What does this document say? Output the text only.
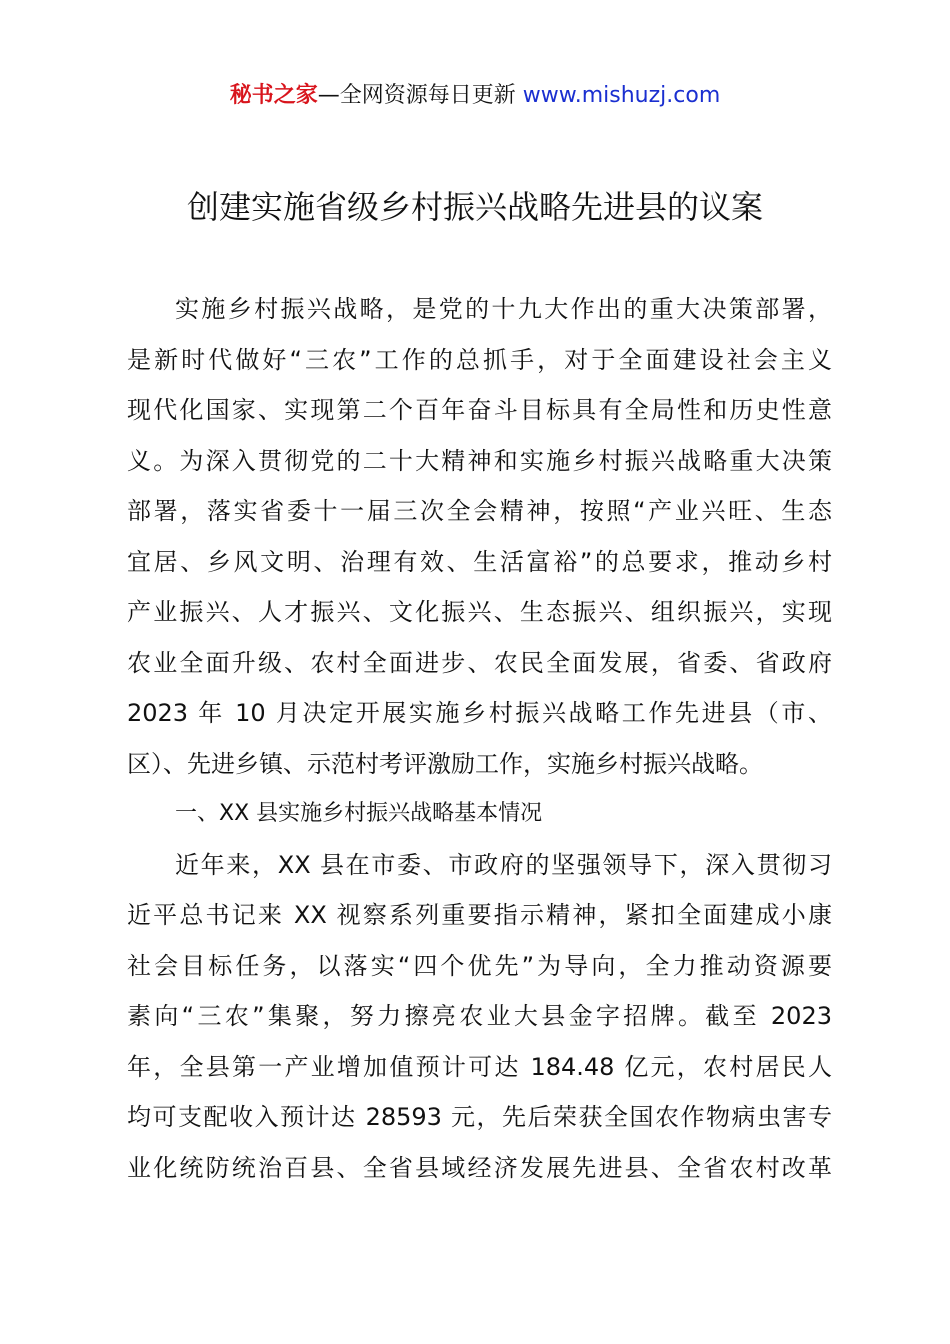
秘书之家—全网资源每日更新 www.mishuzj.com
创建实施省级乡村振兴战略先进县的议案
实施乡村振兴战略，是党的十九大作出的重大决策部署，
是新时代做好“三农”工作的总抓手，对于全面建设社会主义
现代化国家、实现第二个百年奋斗目标具有全局性和历史性意
义。为深入贯彻党的二十大精神和实施乡村振兴战略重大决策
部署，落实省委十一届三次全会精神，按照“产业兴旺、生态
宜居、乡风文明、治理有效、生活富裕”的总要求，推动乡村
产业振兴、人才振兴、文化振兴、生态振兴、组织振兴，实现
农业全面升级、农村全面进步、农民全面发展，省委、省政府
2023 年 10 月决定开展实施乡村振兴战略工作先进县（市、
区）、先进乡镇、示范村考评激励工作，实施乡村振兴战略。
一、XX 县实施乡村振兴战略基本情况
近年来，XX 县在市委、市政府的坚强领导下，深入贯彻习
近平总书记来 XX 视察系列重要指示精神，紧扣全面建成小康
社会目标任务，以落实“四个优先”为导向，全力推动资源要
素向“三农”集聚，努力擦亮农业大县金字招牌。截至 2023
年，全县第一产业增加值预计可达 184.48 亿元，农村居民人
均可支配收入预计达 28593 元，先后荣获全国农作物病虫害专
业化统防统治百县、全省县域经济发展先进县、全省农村改革
